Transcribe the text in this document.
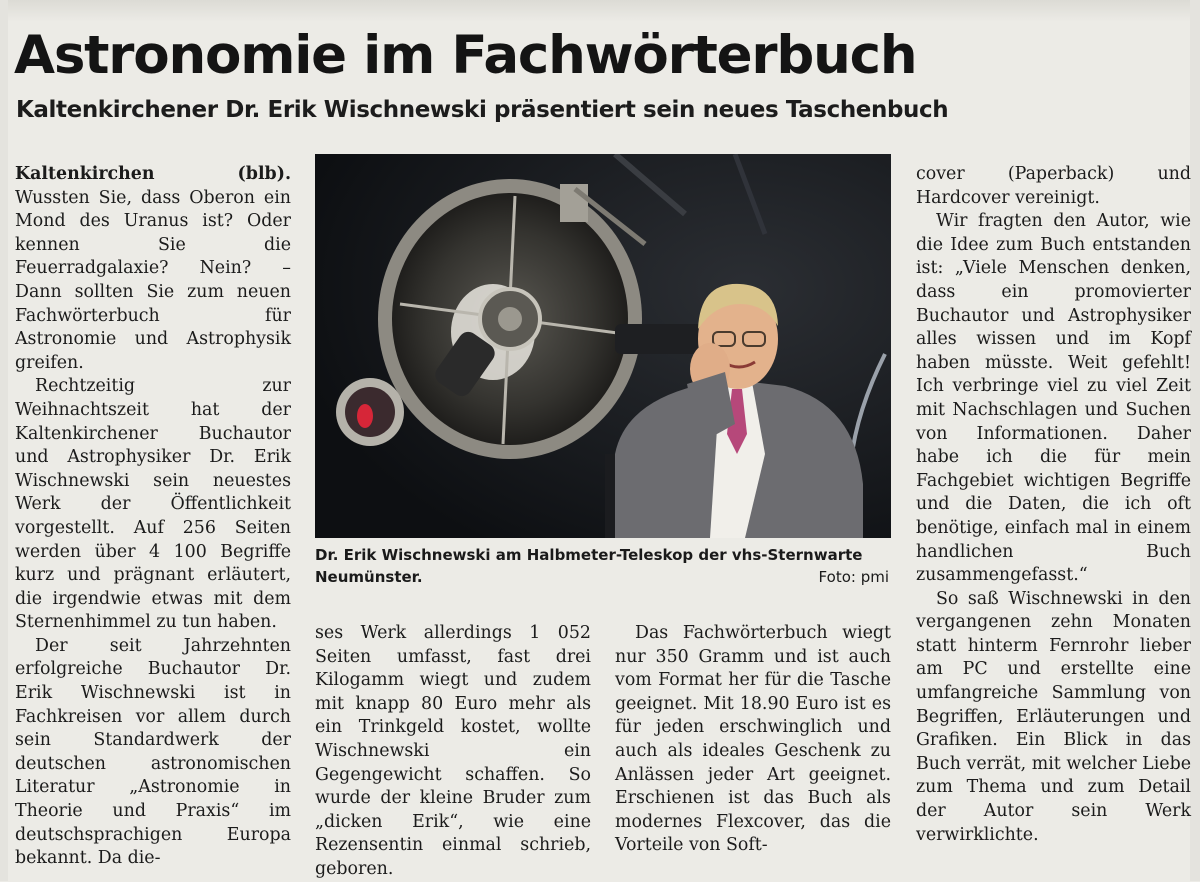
Astronomie im Fachwörterbuch
Kaltenkirchener Dr. Erik Wischnewski präsentiert sein neues Taschenbuch

Kaltenkirchen (blb). Wussten Sie, dass Oberon ein Mond des Uranus ist? Oder kennen Sie die Feuerradgalaxie? Nein? – Dann sollten Sie zum neuen Fachwörterbuch für Astronomie und Astrophysik greifen.

Rechtzeitig zur Weihnachtszeit hat der Kaltenkirchener Buchautor und Astrophysiker Dr. Erik Wischnewski sein neuestes Werk der Öffentlichkeit vorgestellt. Auf 256 Seiten werden über 4 100 Begriffe kurz und prägnant erläutert, die irgendwie etwas mit dem Sternenhimmel zu tun haben.

Der seit Jahrzehnten erfolgreiche Buchautor Dr. Erik Wischnewski ist in Fachkreisen vor allem durch sein Standardwerk der deutschen astronomischen Literatur „Astronomie in Theorie und Praxis“ im deutschsprachigen Europa bekannt. Da die-

Dr. Erik Wischnewski am Halbmeter-Teleskop der vhs-Sternwarte Neumünster.	Foto: pmi

ses Werk allerdings 1 052 Seiten umfasst, fast drei Kilogamm wiegt und zudem mit knapp 80 Euro mehr als ein Trinkgeld kostet, wollte Wischnewski ein Gegengewicht schaffen. So wurde der kleine Bruder zum „dicken Erik“, wie eine Rezensentin einmal schrieb, geboren.

Das Fachwörterbuch wiegt nur 350 Gramm und ist auch vom Format her für die Tasche geeignet. Mit 18.90 Euro ist es für jeden erschwinglich und auch als ideales Geschenk zu Anlässen jeder Art geeignet. Erschienen ist das Buch als modernes Flexcover, das die Vorteile von Soft-

cover (Paperback) und Hardcover vereinigt.

Wir fragten den Autor, wie die Idee zum Buch entstanden ist: „Viele Menschen denken, dass ein promovierter Buchautor und Astrophysiker alles wissen und im Kopf haben müsste. Weit gefehlt! Ich verbringe viel zu viel Zeit mit Nachschlagen und Suchen von Informationen. Daher habe ich die für mein Fachgebiet wichtigen Begriffe und die Daten, die ich oft benötige, einfach mal in einem handlichen Buch zusammengefasst.“

So saß Wischnewski in den vergangenen zehn Monaten statt hinterm Fernrohr lieber am PC und erstellte eine umfangreiche Sammlung von Begriffen, Erläuterungen und Grafiken. Ein Blick in das Buch verrät, mit welcher Liebe zum Thema und zum Detail der Autor sein Werk verwirklichte.
